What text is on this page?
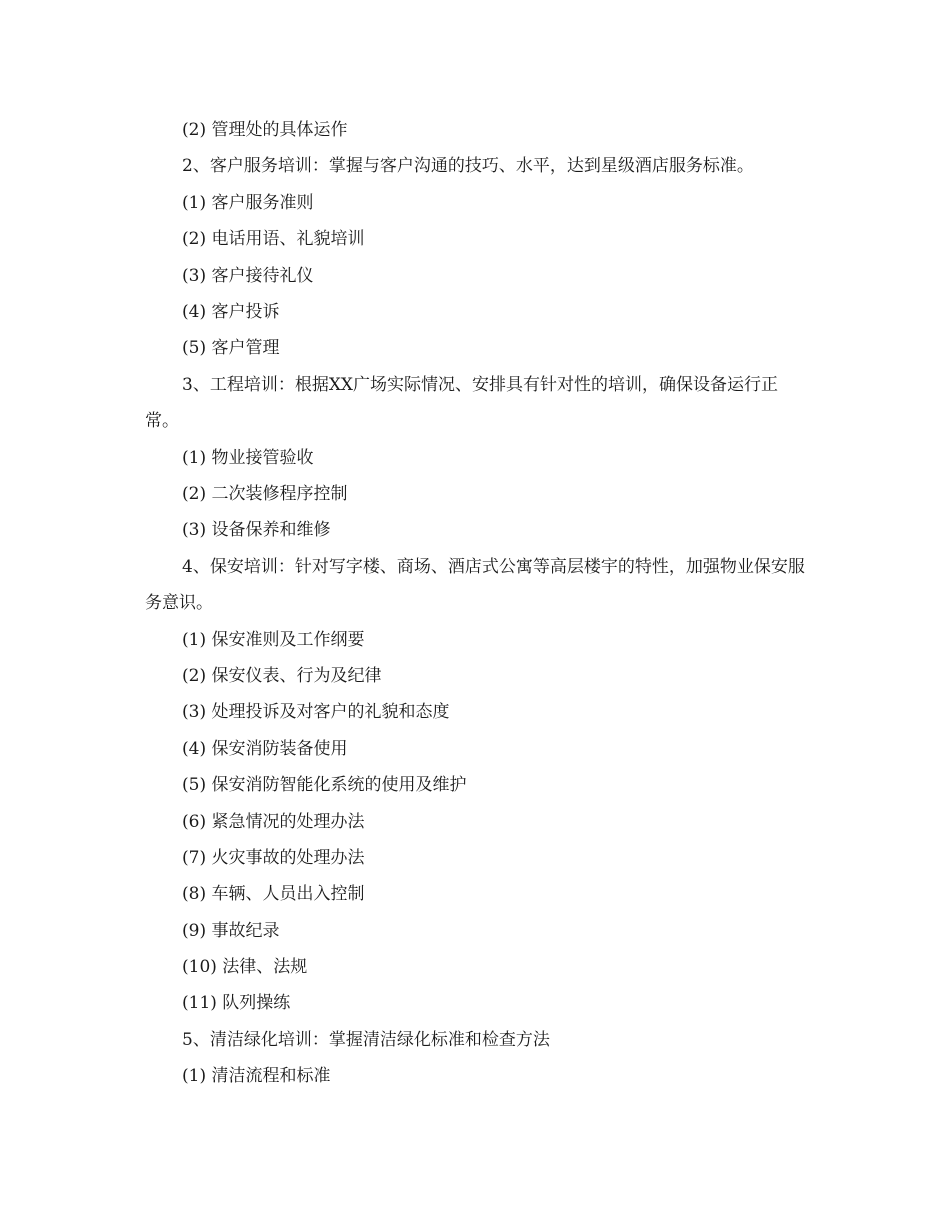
(2) 管理处的具体运作
2、客户服务培训：掌握与客户沟通的技巧、水平，达到星级酒店服务标准。
(1) 客户服务准则
(2) 电话用语、礼貌培训
(3) 客户接待礼仪
(4) 客户投诉
(5) 客户管理
3、工程培训：根据XX广场实际情况、安排具有针对性的培训，确保设备运行正常。
(1) 物业接管验收
(2) 二次装修程序控制
(3) 设备保养和维修
4、保安培训：针对写字楼、商场、酒店式公寓等高层楼宇的特性，加强物业保安服务意识。
(1) 保安准则及工作纲要
(2) 保安仪表、行为及纪律
(3) 处理投诉及对客户的礼貌和态度
(4) 保安消防装备使用
(5) 保安消防智能化系统的使用及维护
(6) 紧急情况的处理办法
(7) 火灾事故的处理办法
(8) 车辆、人员出入控制
(9) 事故纪录
(10) 法律、法规
(11) 队列操练
5、清洁绿化培训：掌握清洁绿化标准和检查方法
(1) 清洁流程和标准
